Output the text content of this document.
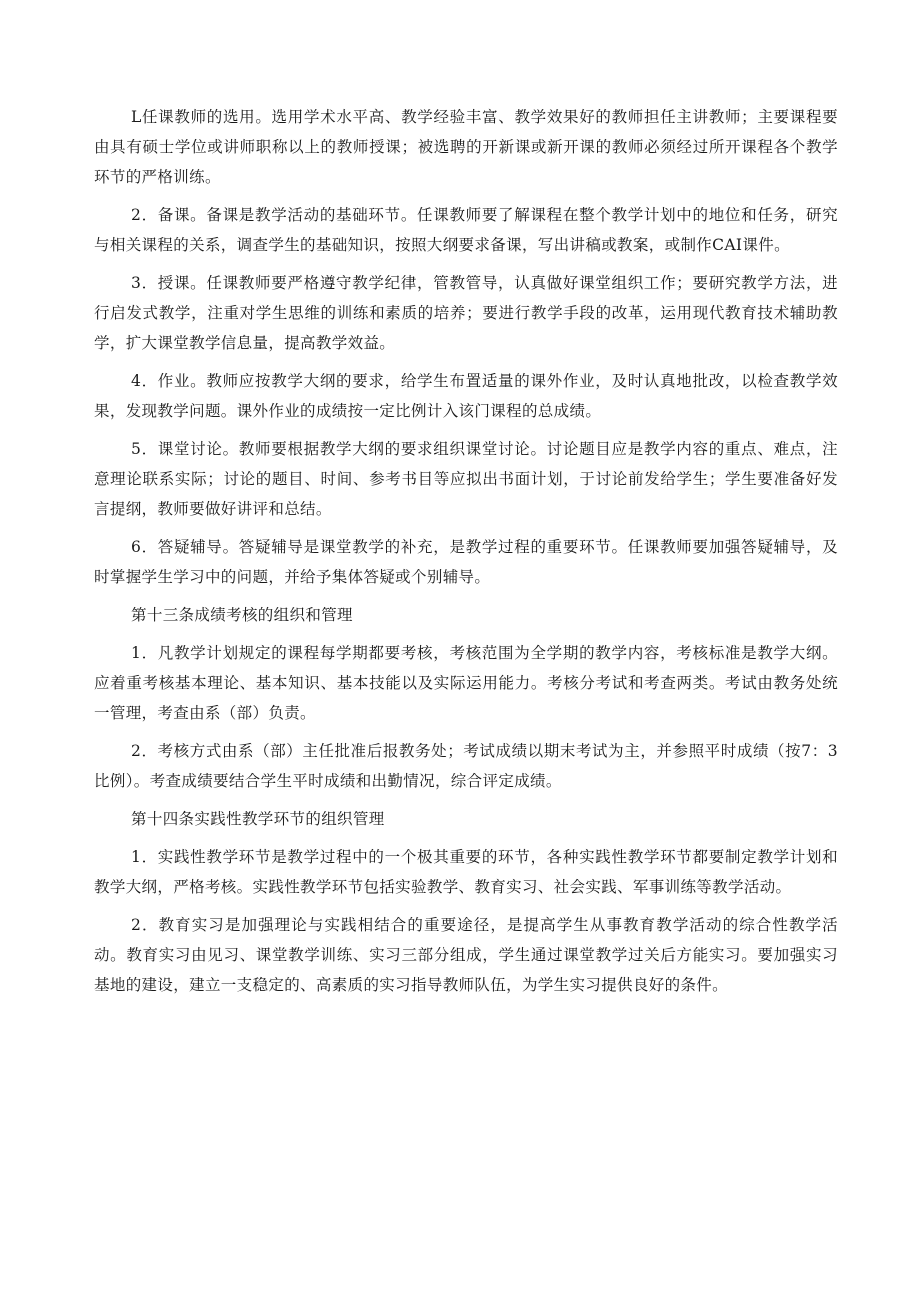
L任课教师的选用。选用学术水平高、教学经验丰富、教学效果好的教师担任主讲教师；主要课程要由具有硕士学位或讲师职称以上的教师授课；被选聘的开新课或新开课的教师必须经过所开课程各个教学环节的严格训练。

2．备课。备课是教学活动的基础环节。任课教师要了解课程在整个教学计划中的地位和任务，研究与相关课程的关系，调查学生的基础知识，按照大纲要求备课，写出讲稿或教案，或制作CAI课件。

3．授课。任课教师要严格遵守教学纪律，管教管导，认真做好课堂组织工作；要研究教学方法，进行启发式教学，注重对学生思维的训练和素质的培养；要进行教学手段的改革，运用现代教育技术辅助教学，扩大课堂教学信息量，提高教学效益。

4．作业。教师应按教学大纲的要求，给学生布置适量的课外作业，及时认真地批改，以检查教学效果，发现教学问题。课外作业的成绩按一定比例计入该门课程的总成绩。

5．课堂讨论。教师要根据教学大纲的要求组织课堂讨论。讨论题目应是教学内容的重点、难点，注意理论联系实际；讨论的题目、时间、参考书目等应拟出书面计划，于讨论前发给学生；学生要准备好发言提纲，教师要做好讲评和总结。

6．答疑辅导。答疑辅导是课堂教学的补充，是教学过程的重要环节。任课教师要加强答疑辅导，及时掌握学生学习中的问题，并给予集体答疑或个别辅导。

第十三条成绩考核的组织和管理

1．凡教学计划规定的课程每学期都要考核，考核范围为全学期的教学内容，考核标准是教学大纲。应着重考核基本理论、基本知识、基本技能以及实际运用能力。考核分考试和考查两类。考试由教务处统一管理，考查由系（部）负责。

2．考核方式由系（部）主任批准后报教务处；考试成绩以期末考试为主，并参照平时成绩（按7：3比例）。考查成绩要结合学生平时成绩和出勤情况，综合评定成绩。

第十四条实践性教学环节的组织管理

1．实践性教学环节是教学过程中的一个极其重要的环节，各种实践性教学环节都要制定教学计划和教学大纲，严格考核。实践性教学环节包括实验教学、教育实习、社会实践、军事训练等教学活动。

2．教育实习是加强理论与实践相结合的重要途径，是提高学生从事教育教学活动的综合性教学活动。教育实习由见习、课堂教学训练、实习三部分组成，学生通过课堂教学过关后方能实习。要加强实习基地的建设，建立一支稳定的、高素质的实习指导教师队伍，为学生实习提供良好的条件。
